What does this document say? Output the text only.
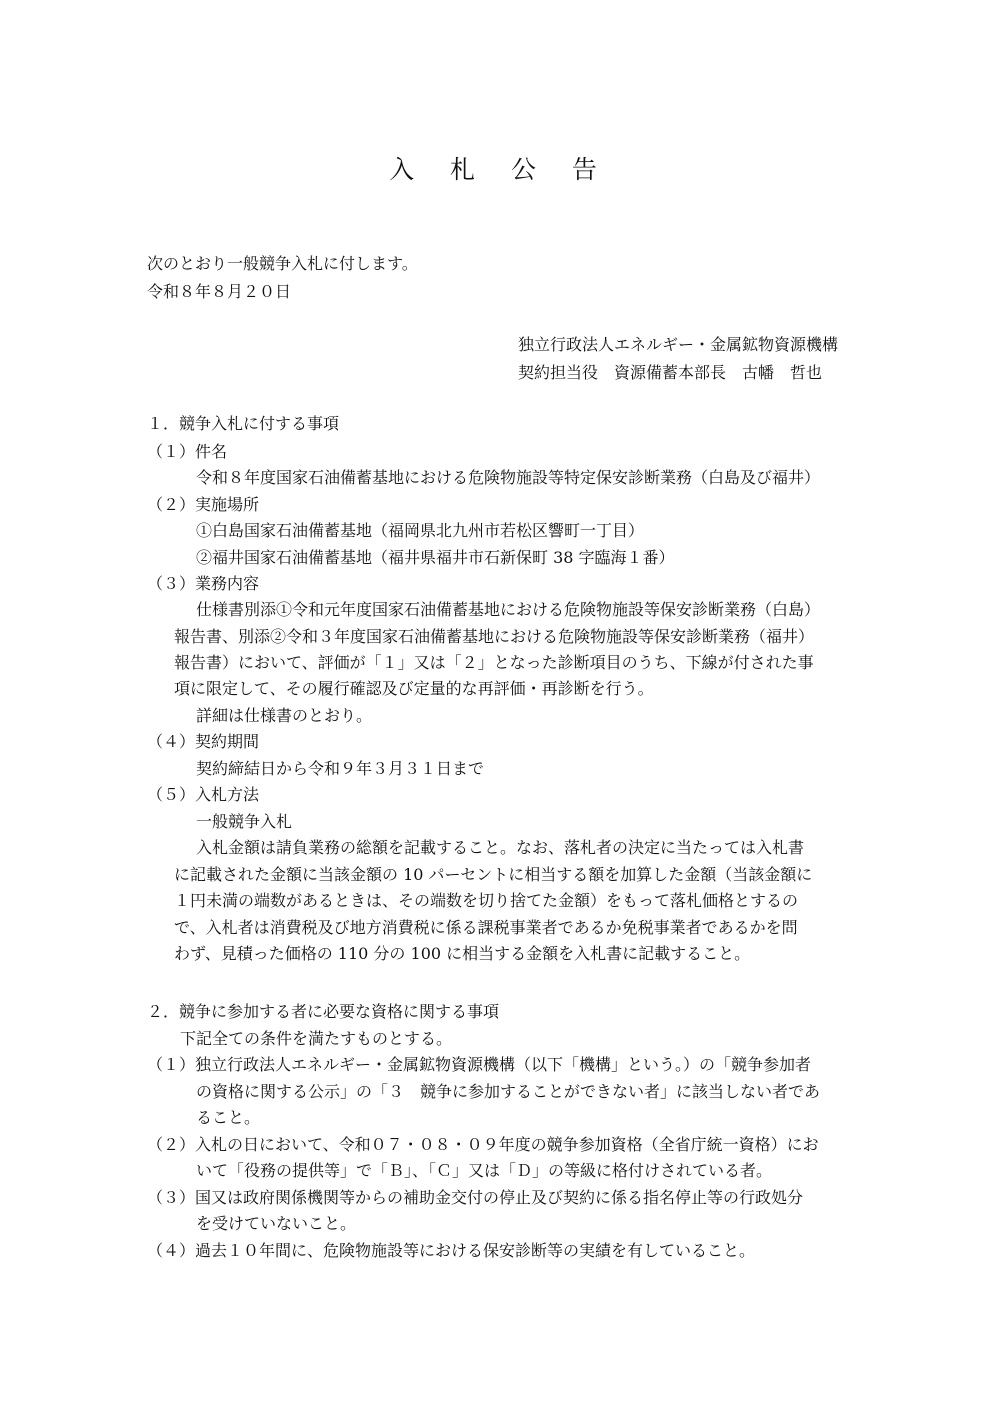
入 札 公 告
次のとおり一般競争入札に付します。
令和８年８月２０日
独立行政法人エネルギー・金属鉱物資源機構
契約担当役　資源備蓄本部長　古幡　哲也
１．競争入札に付する事項
（１）件名
令和８年度国家石油備蓄基地における危険物施設等特定保安診断業務（白島及び福井）
（２）実施場所
①白島国家石油備蓄基地（福岡県北九州市若松区響町一丁目）
②福井国家石油備蓄基地（福井県福井市石新保町 38 字臨海１番）
（３）業務内容
仕様書別添①令和元年度国家石油備蓄基地における危険物施設等保安診断業務（白島）
報告書、別添②令和３年度国家石油備蓄基地における危険物施設等保安診断業務（福井）
報告書）において、評価が「１」又は「２」となった診断項目のうち、下線が付された事
項に限定して、その履行確認及び定量的な再評価・再診断を行う。
詳細は仕様書のとおり。
（４）契約期間
契約締結日から令和９年３月３１日まで
（５）入札方法
一般競争入札
入札金額は請負業務の総額を記載すること。なお、落札者の決定に当たっては入札書
に記載された金額に当該金額の 10 パーセントに相当する額を加算した金額（当該金額に
１円未満の端数があるときは、その端数を切り捨てた金額）をもって落札価格とするの
で、入札者は消費税及び地方消費税に係る課税事業者であるか免税事業者であるかを問
わず、見積った価格の 110 分の 100 に相当する金額を入札書に記載すること。
２．競争に参加する者に必要な資格に関する事項
下記全ての条件を満たすものとする。
（１）独立行政法人エネルギー・金属鉱物資源機構（以下「機構」という。）の「競争参加者
の資格に関する公示」の「３　競争に参加することができない者」に該当しない者であ
ること。
（２）入札の日において、令和０７・０８・０９年度の競争参加資格（全省庁統一資格）にお
いて「役務の提供等」で「Ｂ」、「Ｃ」又は「Ｄ」の等級に格付けされている者。
（３）国又は政府関係機関等からの補助金交付の停止及び契約に係る指名停止等の行政処分
を受けていないこと。
（４）過去１０年間に、危険物施設等における保安診断等の実績を有していること。
